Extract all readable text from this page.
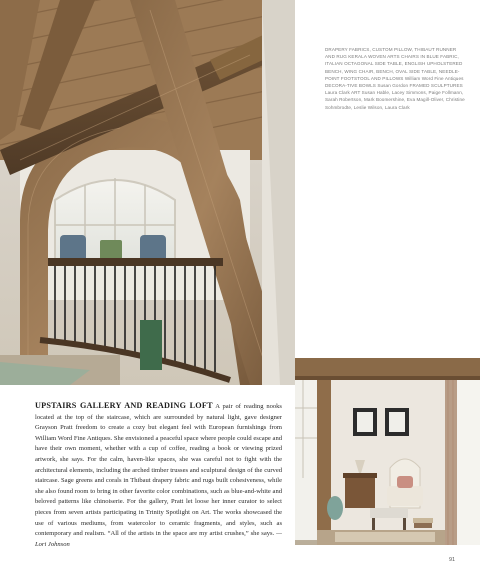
DRAPERY FABRICS, CUSTOM PILLOW, THIBAUT RUNNER AND RUG KERALA WOVEN ARTS CHAIRS IN BLUE FABRIC, ITALIAN OCTAGONAL SIDE TABLE, ENGLISH UPHOLSTERED BENCH, WING CHAIR, BENCH, OVAL SIDE TABLE, NEEDLE-POINT FOOTSTOOL AND PILLOWS William Word Fine Antiques DECORA-TIVE BOWLS Susan Gordon FRAMED SCULPTURES Laura Clark ART Susan Hable, Lacey Simmons, Paige Follmann, Sarah Robertson, Mark Boomershine, Eva Magill-Oliver, Christine Sohmbrodte, Leslie Wilson, Laura Clark
UPSTAIRS GALLERY AND READING LOFT A pair of reading nooks located at the top of the staircase, which are surrounded by natural light, gave designer Grayson Pratt freedom to create a cozy but elegant feel with European furnishings from William Word Fine Antiques. She envisioned a peaceful space where people could escape and have their own moment, whether with a cup of coffee, reading a book or viewing prized artwork, she says. For the calm, haven-like spaces, she was careful not to fight with the architectural elements, including the arched timber trusses and sculptural design of the curved staircase. Sage greens and corals in Thibaut drapery fabric and rugs built cohesiveness, while she also found room to bring in other favorite color combinations, such as blue-and-white and beloved patterns like chinoiserie. For the gallery, Pratt let loose her inner curator to select pieces from seven artists participating in Trinity Spotlight on Art. The works showcased the use of various mediums, from watercolor to ceramic fragments, and styles, such as contemporary and realism. “All of the artists in the space are my artist crushes,” she says. —Lori Johnson
91
